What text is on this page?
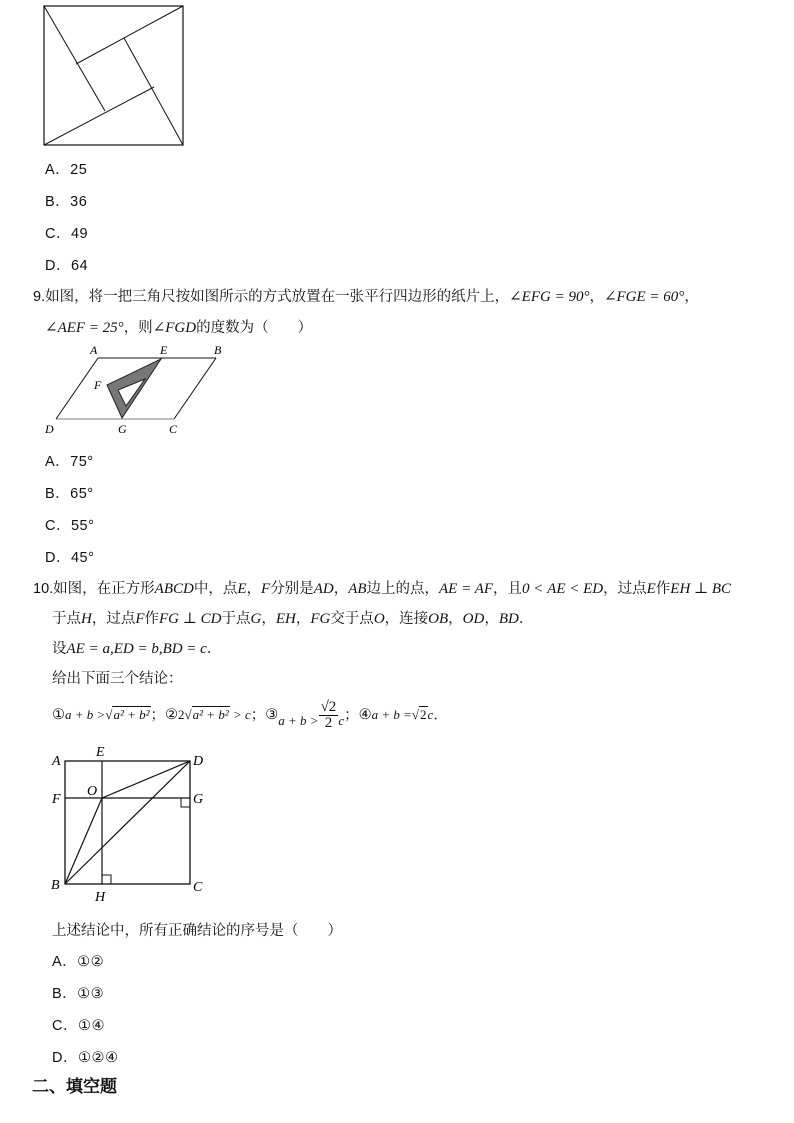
A．25
B．36
C．49
D．64
9.如图，将一把三角尺按如图所示的方式放置在一张平行四边形的纸片上，∠EFG = 90°，∠FGE = 60°，
∠AEF = 25°，则∠FGD的度数为（　　）
A	E	B
F
D	G	C
A．75°
B．65°
C．55°
D．45°
10.如图，在正方形ABCD中，点E，F分别是AD，AB边上的点，AE = AF，且0 < AE < ED，过点E作EH ⊥ BC
于点H，过点F作FG ⊥ CD于点G，EH，FG交于点O，连接OB，OD，BD．
设AE = a,ED = b,BD = c．
给出下面三个结论：
①a + b >√a² + b²；②2√a² + b² > c；③a + $b > \frac{√2}{2}$ c；④a + b =√2c．
A
E
D
F
O
G
B
H
C
上述结论中，所有正确结论的序号是（　　）
A．①②
B．①③
C．①④
D．①②④
二、填空题
